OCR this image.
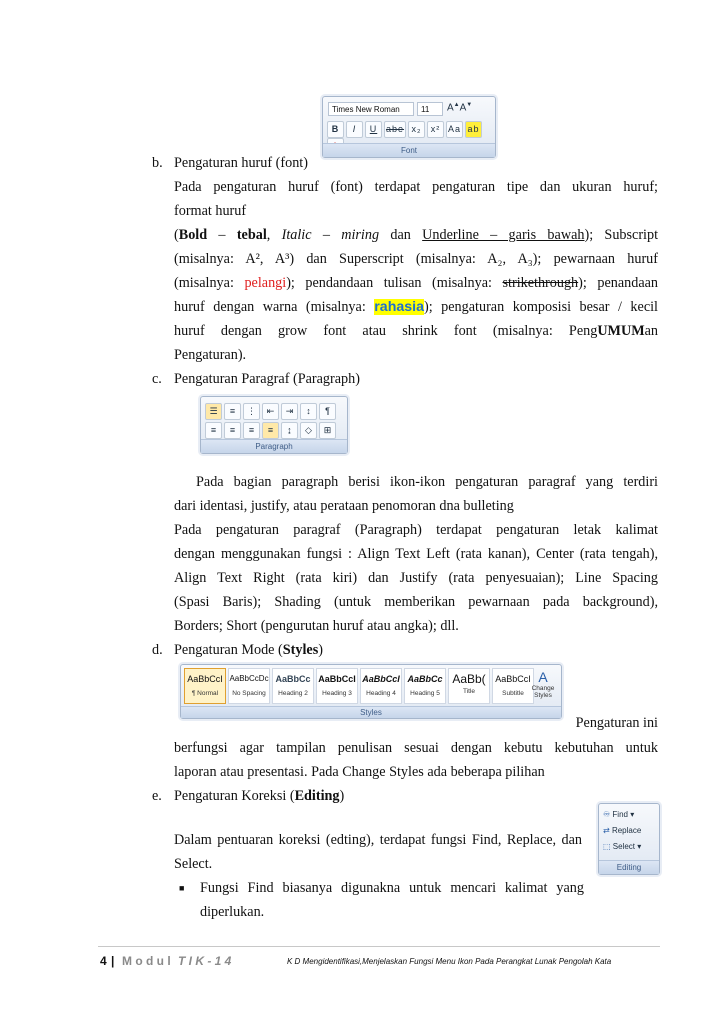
Times New Roman	11	A▲A▼
B I U abe x₂ x² Aa ab
Font
b. Pengaturan huruf (font)
Pada pengaturan huruf (font) terdapat pengaturan tipe dan ukuran huruf;
format huruf
(Bold – tebal, Italic – miring dan Underline – garis bawah); Subscript
(misalnya: A², A³) dan Superscript (misalnya: A₂, A₃); pewarnaan huruf
(misalnya: pelangi); pendandaan tulisan (misalnya: strikethrough); penandaan
huruf dengan warna (misalnya: rahasia); pengaturan komposisi besar / kecil
huruf dengan grow font atau shrink font (misalnya: PengUMUMan
Pengaturan).
c. Pengaturan Paragraf (Paragraph)
☰ ≡ ⋮ ⇤ ⇥ ↕ ¶
≡ ≡ ≡ ≡ ↨ ◇ ⊞
Paragraph
Pada bagian paragraph berisi ikon-ikon pengaturan paragraf yang terdiri
dari identasi, justify, atau perataan penomoran dna bulleting
Pada pengaturan paragraf (Paragraph) terdapat pengaturan letak kalimat
dengan menggunakan fungsi : Align Text Left (rata kanan), Center (rata tengah),
Align Text Right (rata kiri) dan Justify (rata penyesuaian); Line Spacing
(Spasi Baris); Shading (untuk memberikan pewarnaan pada background),
Borders; Short (pengurutan huruf atau angka); dll.
d. Pengaturan Mode (Styles)
AaBbCcI
¶ Normal
AaBbCcDc
No Spacing
AaBbCc
Heading 2
AaBbCcI
Heading 3
AaBbCcI
Heading 4
AaBbCc
Heading 5
AaBb(
Title
AaBbCcI
Subtitle
A
Change Styles
Styles
Pengaturan ini
berfungsi agar tampilan penulisan sesuai dengan kebutu kebutuhan untuk
laporan atau presentasi. Pada Change Styles ada beberapa pilihan
e. Pengaturan Koreksi (Editing)
♾ Find ▾
⇄ Replace
⬚ Select ▾
Editing
Dalam pentuaran koreksi (edting), terdapat fungsi Find, Replace, dan
Select.
■ Fungsi Find biasanya digunakna untuk mencari kalimat yang
diperlukan.
4 | M o d u l T I K - 1 4	K D Mengidentifikasi,Menjelaskan Fungsi Menu Ikon Pada Perangkat Lunak Pengolah Kata
